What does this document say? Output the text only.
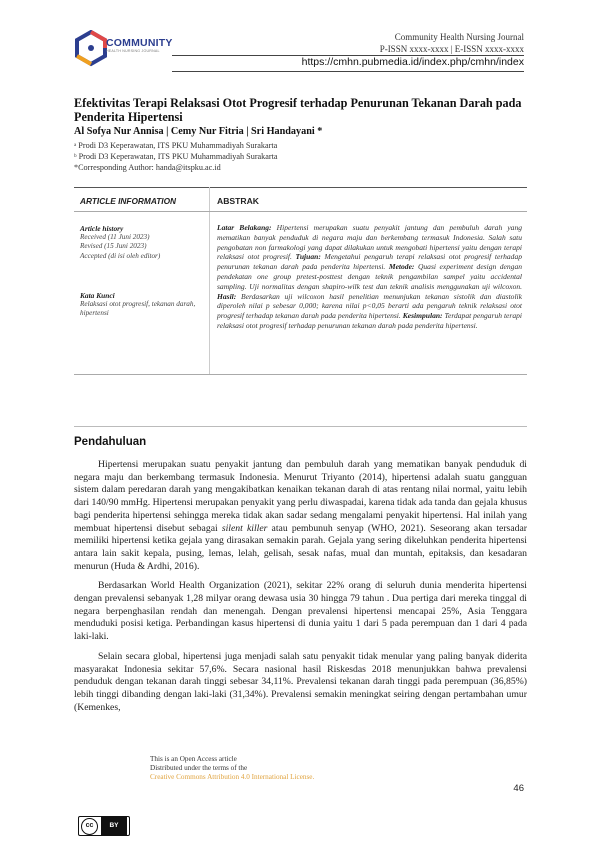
COMMUNITY
HEALTH NURSING JOURNAL
Community Health Nursing Journal
P-ISSN xxxx-xxxx | E-ISSN xxxx-xxxx
https://cmhn.pubmedia.id/index.php/cmhn/index
Efektivitas Terapi Relaksasi Otot Progresif terhadap Penurunan Tekanan Darah pada Penderita Hipertensi
Al Sofya Nur Annisa | Cemy Nur Fitria | Sri Handayani *
ᵃ Prodi D3 Keperawatan, ITS PKU Muhammadiyah Surakarta
ᵇ Prodi D3 Keperawatan, ITS PKU Muhammadiyah Surakarta
*Corresponding Author: handa@itspku.ac.id
ARTICLE INFORMATION	ABSTRAK
Article history
Received (11 Juni 2023)
Revised (15 Juni 2023)
Accepted (di isi oleh editor)
Kata Kunci
Relaksasi otot progresif, tekanan darah, hipertensi
Latar Belakang: Hipertensi merupakan suatu penyakit jantung dan pembuluh darah yang mematikan banyak penduduk di negara maju dan berkembang termasuk Indonesia. Salah satu pengobatan non farmakologi yang dapat dilakukan untuk mengobati hipertensi yaitu dengan terapi relaksasi otot progresif. Tujuan: Mengetahui pengaruh terapi relaksasi otot progresif terhadap penurunan tekanan darah pada penderita hipertensi. Metode: Quasi experiment design dengan pendekatan one group pretest-posttest dengan teknik pengambilan sampel yaitu accidental sampling. Uji normalitas dengan shapiro-wilk test dan teknik analisis menggunakan uji wilcoxon. Hasil: Berdasarkan uji wilcoxon hasil penelitian menunjukan tekanan sistolik dan diastolik diperoleh nilai p sebesar 0,000; karena nilai p<0,05 berarti ada pengaruh teknik relaksasi otot progresif terhadap tekanan darah pada penderita hipertensi. Kesimpulan: Terdapat pengaruh terapi relaksasi otot progresif terhadap penurunan tekanan darah pada penderita hipertensi.
Pendahuluan

Hipertensi merupakan suatu penyakit jantung dan pembuluh darah yang mematikan banyak penduduk di negara maju dan berkembang termasuk Indonesia. Menurut Triyanto (2014), hipertensi adalah suatu gangguan sistem dalam peredaran darah yang mengakibatkan kenaikan tekanan darah di atas rentang nilai normal, yaitu lebih dari 140/90 mmHg. Hipertensi merupakan penyakit yang perlu diwaspadai, karena tidak ada tanda dan gejala khusus bagi penderita hipertensi sehingga mereka tidak akan sadar sedang mengalami penyakit hipertensi. Hal inilah yang membuat hipertensi disebut sebagai silent killer atau pembunuh senyap (WHO, 2021). Seseorang akan tersadar memiliki hipertensi ketika gejala yang dirasakan semakin parah. Gejala yang sering dikeluhkan penderita hipertensi antara lain sakit kepala, pusing, lemas, lelah, gelisah, sesak nafas, mual dan muntah, epitaksis, dan kesadaran menurun (Huda & Ardhi, 2016).

Berdasarkan World Health Organization (2021), sekitar 22% orang di seluruh dunia menderita hipertensi dengan prevalensi sebanyak 1,28 milyar orang dewasa usia 30 hingga 79 tahun . Dua pertiga dari mereka tinggal di negara berpenghasilan rendah dan menengah. Dengan prevalensi hipertensi mencapai 25%, Asia Tenggara menduduki posisi ketiga. Perbandingan kasus hipertensi di dunia yaitu 1 dari 5 pada perempuan dan 1 dari 4 pada laki-laki.

Selain secara global, hipertensi juga menjadi salah satu penyakit tidak menular yang paling banyak diderita masyarakat Indonesia sekitar 57,6%. Secara nasional hasil Riskesdas 2018 menunjukkan bahwa prevalensi penduduk dengan tekanan darah tinggi sebesar 34,11%. Prevalensi tekanan darah tinggi pada perempuan (36,85%) lebih tinggi dibanding dengan laki-laki (31,34%). Prevalensi semakin meningkat seiring dengan pertambahan umur (Kemenkes,

This is an Open Access article
Distributed under the terms of the
Creative Commons Attribution 4.0 International License.
46
cc	BY
